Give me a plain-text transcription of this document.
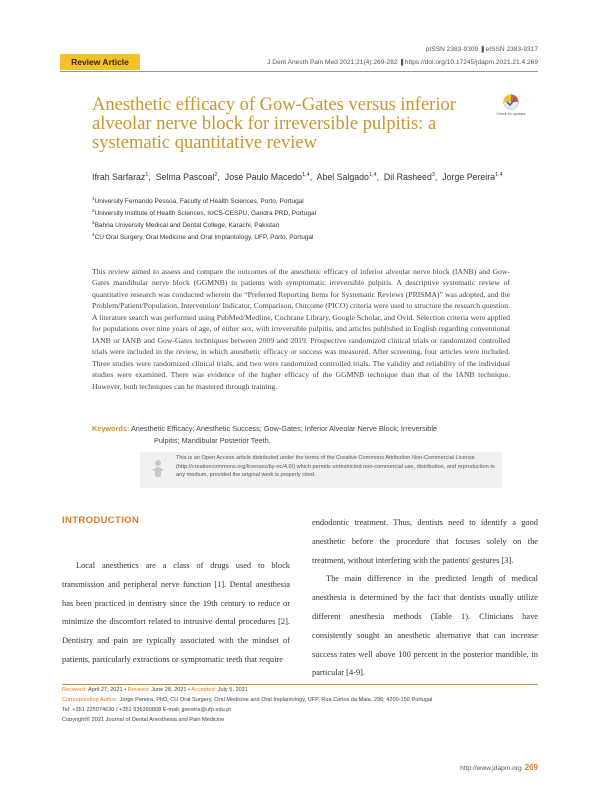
Review Article
pISSN 2383-9309 ❚eISSN 2383-9317
J Dent Anesth Pain Med 2021;21(4):269-282 ❚https://doi.org/10.17245/jdapm.2021.21.4.269
Check for updates
Anesthetic efficacy of Gow-Gates versus inferior
alveolar nerve block for irreversible pulpitis: a
systematic quantitative review
Ifrah Sarfaraz$^1$,  Selma Pascoal$^2$,  José Paulo Macedo$^{1,4}$,  Abel Salgado$^{1,4}$,  Dil Rasheed$^3$,  Jorge Pereira$^{1,4}$
$^1$University Fernando Pessoa, Faculty of Health Sciences, Porto, Portugal
$^2$University Institute of Health Sciences, IUCS-CESPU, Gandra PRD, Portugal
$^3$Bahria University Medical and Dental College, Karachi, Pakistan
$^4$CU Oral Surgery, Oral Medicine and Oral Implantology, UFP, Porto, Portugal
This review aimed to assess and compare the outcomes of the anesthetic efficacy of inferior alveolar nerve block (IANB) and Gow-Gates mandibular nerve block (GGMNB) in patients with symptomatic irreversible pulpitis. A descriptive systematic review of quantitative research was conducted wherein the “Preferred Reporting Items for Systematic Reviews (PRISMA)” was adopted, and the Problem/Patient/Population, Intervention/ Indicator, Comparison, Outcome (PICO) criteria were used to structure the research question. A literature search was performed using PubMed/Medline, Cochrane Library, Google Scholar, and Ovid. Selection criteria were applied for populations over nine years of age, of either sex, with irreversible pulpitis, and articles published in English regarding conventional IANB or IANB and Gow-Gates techniques between 2009 and 2019. Prospective randomized clinical trials or randomized controlled trials were included in the review, in which anesthetic efficacy or success was measured. After screening, four articles were included. Three studies were randomized clinical trials, and two were randomized controlled trials. The validity and reliability of the individual studies were examined. There was evidence of the higher efficacy of the GGMNB technique than that of the IANB technique. However, both techniques can be mastered through training.
Keywords: Anesthetic Efficacy; Anesthetic Success; Gow-Gates; Inferior Alveolar Nerve Block; Irreversible
Pulpitis; Mandibular Posterior Teeth.
This is an Open Access article distributed under the terms of the Creative Commons Attribution Non-Commercial License (http://creativecommons.org/licenses/by-nc/4.0/) which permits unrestricted non-commercial use, distribution, and reproduction in any medium, provided the original work is properly cited.
INTRODUCTION

Local anesthetics are a class of drugs used to block transmission and peripheral nerve function [1]. Dental anesthesia has been practiced in dentistry since the 19th century to reduce or minimize the discomfort related to intrusive dental procedures [2]. Dentistry and pain are typically associated with the mindset of patients, particularly extractions or symptomatic teeth that require

endodontic treatment. Thus, dentists need to identify a good anesthetic before the procedure that focuses solely on the treatment, without interfering with the patients' gestures [3].

The main difference in the predicted length of medical anesthesia is determined by the fact that dentists usually utilize different anesthesia methods (Table 1). Clinicians have consistently sought an anesthetic alternative that can increase success rates well above 100 percent in the posterior mandible, in particular [4-9].

Received: April 27, 2021 • Revised: June 28, 2021 • Accepted: July 5, 2021
Corresponding Author: Jorge Pereira, PhD, CU Oral Surgery, Oral Medicine and Oral Implantology, UFP, Rua Carlos da Maia, 296; 4200-150 Portugal
Tel: +351 225074630 / +351 936390808 E-mail: jpereira@ufp.edu.pt
Copyright© 2021 Journal of Dental Anesthesia and Pain Medicine
http://www.jdapm.org 269
